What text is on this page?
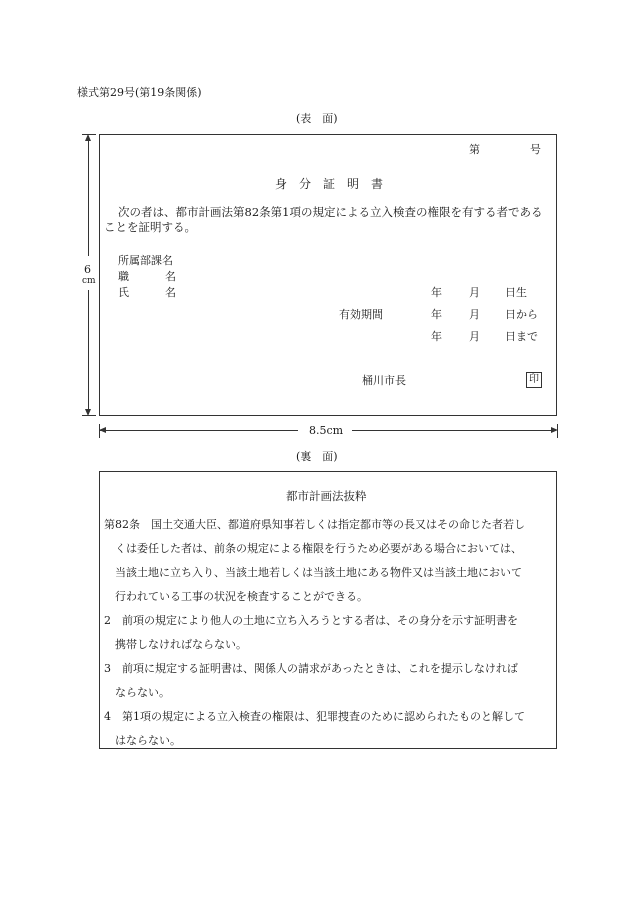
様式第29号(第19条関係)
(表　面)
6
cm
第	号
身　分　証　明　書
次の者は、都市計画法第82条第1項の規定による立入検査の権限を有する者である
ことを証明する。
所属部課名
職	名
氏	名	年 月 日生
有効期間	年 月 日から
年 月 日まで
桶川市長	印
8.5cm
(裏　面)
都市計画法抜粋
第82条　国土交通大臣、都道府県知事若しくは指定都市等の長又はその命じた者若し
くは委任した者は、前条の規定による権限を行うため必要がある場合においては、
当該土地に立ち入り、当該土地若しくは当該土地にある物件又は当該土地において
行われている工事の状況を検査することができる。
2　前項の規定により他人の土地に立ち入ろうとする者は、その身分を示す証明書を
携帯しなければならない。
3　前項に規定する証明書は、関係人の請求があったときは、これを提示しなければ
ならない。
4　第1項の規定による立入検査の権限は、犯罪捜査のために認められたものと解して
はならない。
